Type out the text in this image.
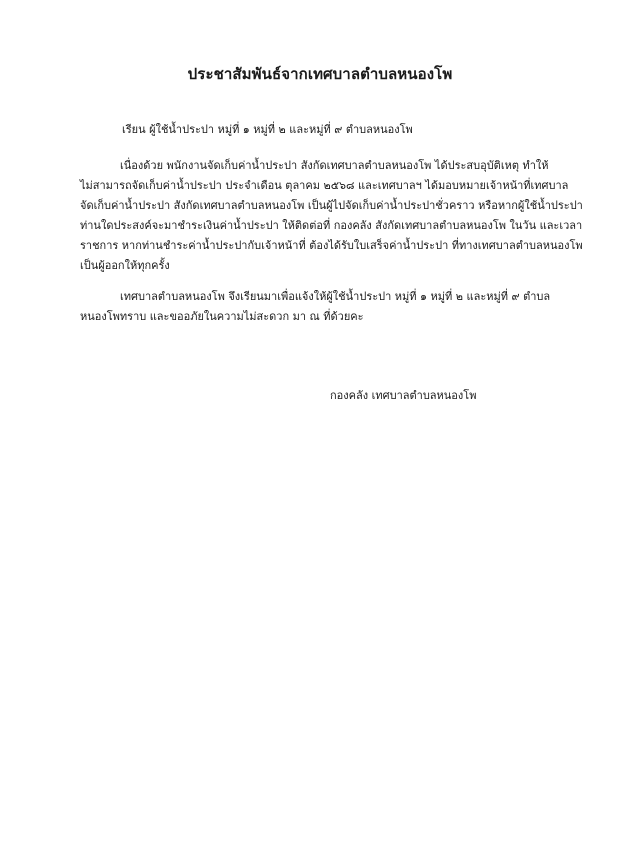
ประชาสัมพันธ์จากเทศบาลตำบลหนองโพ
เรียน ผู้ใช้น้ำประปา หมู่ที่ ๑ หมู่ที่ ๒ และหมู่ที่ ๙ ตำบลหนองโพ
เนื่องด้วย พนักงานจัดเก็บค่าน้ำประปา สังกัดเทศบาลตำบลหนองโพ ได้ประสบอุบัติเหตุ ทำให้
ไม่สามารถจัดเก็บค่าน้ำประปา ประจำเดือน ตุลาคม ๒๕๖๘ และเทศบาลฯ ได้มอบหมายเจ้าหน้าที่เทศบาล
จัดเก็บค่าน้ำประปา สังกัดเทศบาลตำบลหนองโพ เป็นผู้ไปจัดเก็บค่าน้ำประปาชั่วคราว หรือหากผู้ใช้น้ำประปา
ท่านใดประสงค์จะมาชำระเงินค่าน้ำประปา ให้ติดต่อที่ กองคลัง สังกัดเทศบาลตำบลหนองโพ ในวัน และเวลา
ราชการ หากท่านชำระค่าน้ำประปากับเจ้าหน้าที่ ต้องได้รับใบเสร็จค่าน้ำประปา ที่ทางเทศบาลตำบลหนองโพ
เป็นผู้ออกให้ทุกครั้ง
เทศบาลตำบลหนองโพ จึงเรียนมาเพื่อแจ้งให้ผู้ใช้น้ำประปา หมู่ที่ ๑ หมู่ที่ ๒ และหมู่ที่ ๙ ตำบล
หนองโพทราบ และขออภัยในความไม่สะดวก มา ณ ที่ด้วยคะ
กองคลัง เทศบาลตำบลหนองโพ
